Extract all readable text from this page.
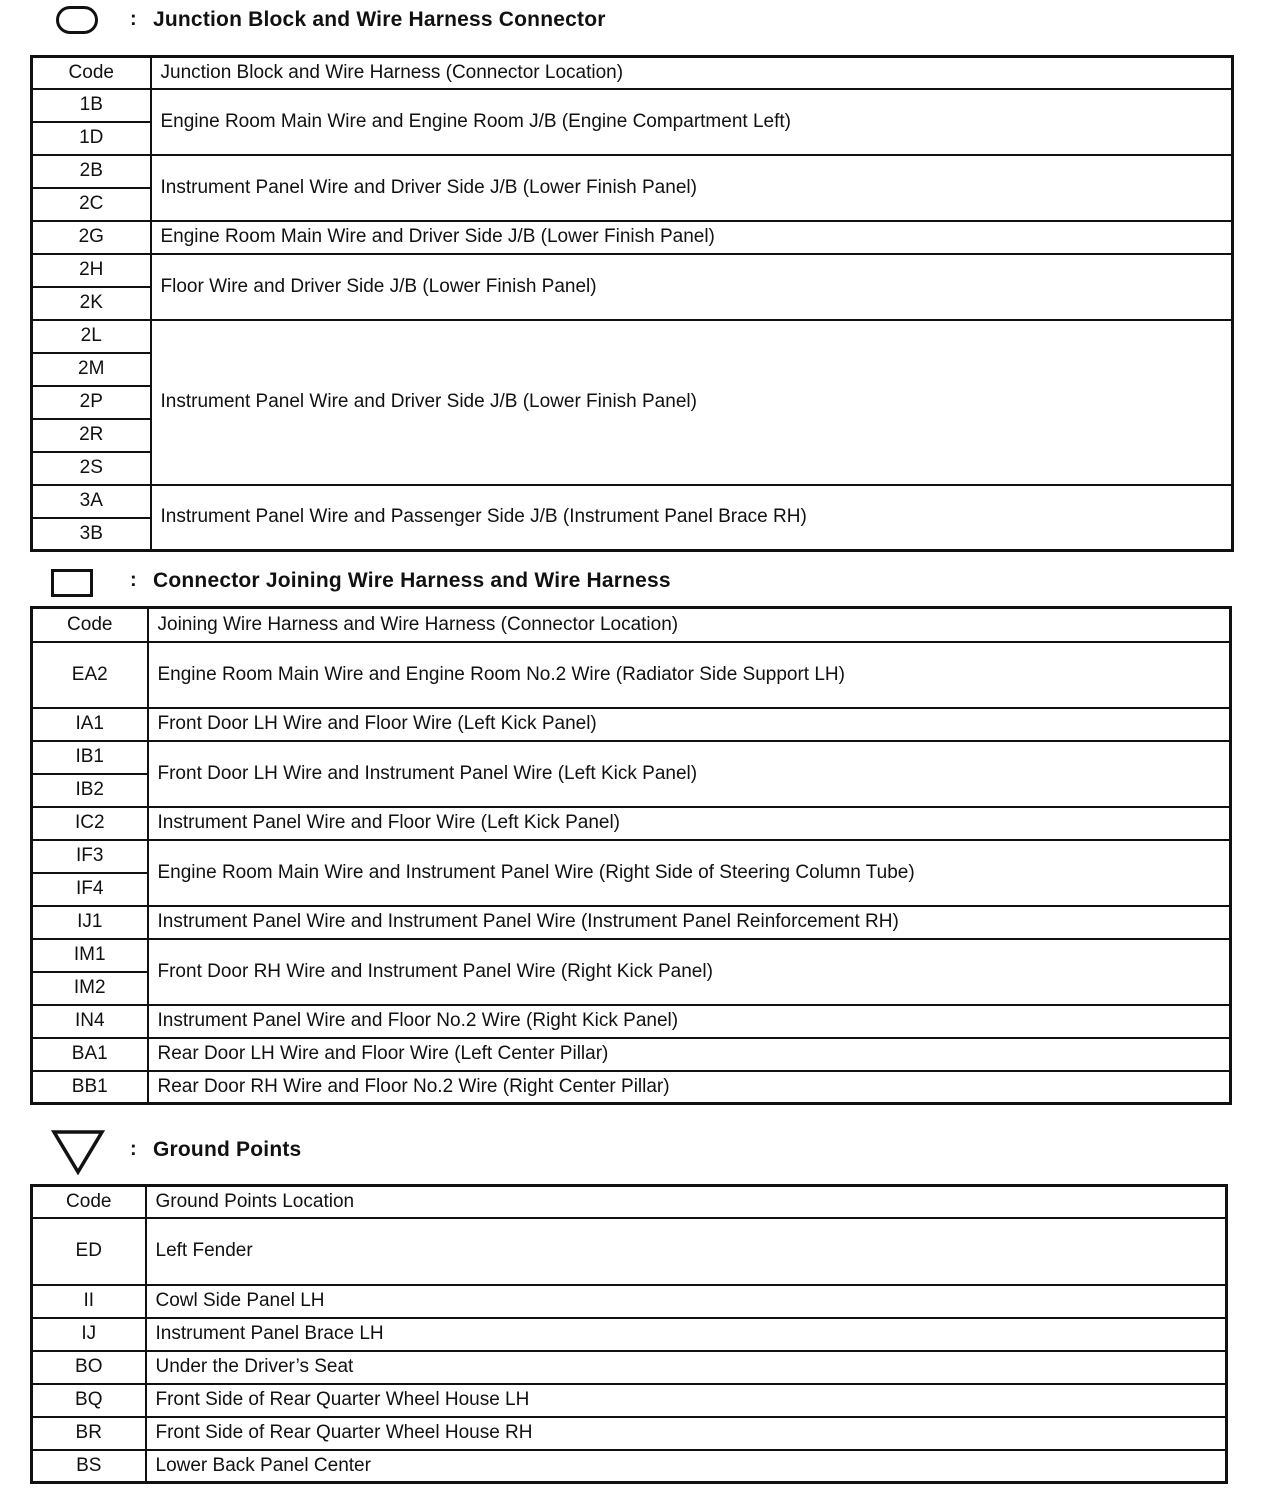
: Junction Block and Wire Harness Connector
Code	Junction Block and Wire Harness (Connector Location)
1B	Engine Room Main Wire and Engine Room J/B (Engine Compartment Left)
1D	
2B	Instrument Panel Wire and Driver Side J/B (Lower Finish Panel)
2C	
2G	Engine Room Main Wire and Driver Side J/B (Lower Finish Panel)
2H	Floor Wire and Driver Side J/B (Lower Finish Panel)
2K	
2L	Instrument Panel Wire and Driver Side J/B (Lower Finish Panel)
2M	
2P	
2R	
2S	
3A	Instrument Panel Wire and Passenger Side J/B (Instrument Panel Brace RH)
3B	
: Connector Joining Wire Harness and Wire Harness
Code	Joining Wire Harness and Wire Harness (Connector Location)
EA2	Engine Room Main Wire and Engine Room No.2 Wire (Radiator Side Support LH)
IA1	Front Door LH Wire and Floor Wire (Left Kick Panel)
IB1	Front Door LH Wire and Instrument Panel Wire (Left Kick Panel)
IB2	
IC2	Instrument Panel Wire and Floor Wire (Left Kick Panel)
IF3	Engine Room Main Wire and Instrument Panel Wire (Right Side of Steering Column Tube)
IF4	
IJ1	Instrument Panel Wire and Instrument Panel Wire (Instrument Panel Reinforcement RH)
IM1	Front Door RH Wire and Instrument Panel Wire (Right Kick Panel)
IM2	
IN4	Instrument Panel Wire and Floor No.2 Wire (Right Kick Panel)
BA1	Rear Door LH Wire and Floor Wire (Left Center Pillar)
BB1	Rear Door RH Wire and Floor No.2 Wire (Right Center Pillar)
: Ground Points
Code	Ground Points Location
ED	Left Fender
II	Cowl Side Panel LH
IJ	Instrument Panel Brace LH
BO	Under the Driver’s Seat
BQ	Front Side of Rear Quarter Wheel House LH
BR	Front Side of Rear Quarter Wheel House RH
BS	Lower Back Panel Center
